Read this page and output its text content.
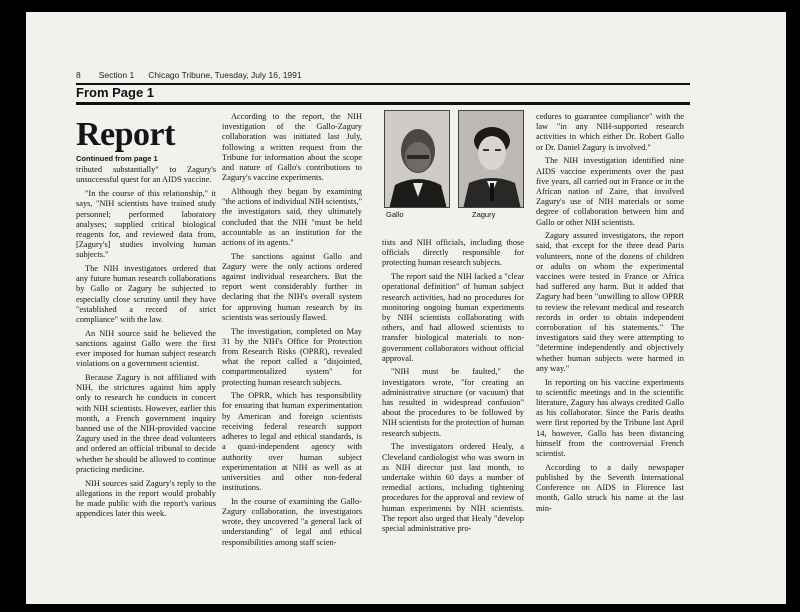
8 Section 1 Chicago Tribune, Tuesday, July 16, 1991
From Page 1
Report
Continued from page 1

tributed substantially" to Zagury's unsuccessful quest for an AIDS vaccine.

"In the course of this relationship," it says, "NIH scientists have trained study personnel; performed laboratory analyses; supplied critical biological reagents for, and reviewed data from, [Zagury's] studies involving human subjects."

The NIH investigators ordered that any future human research collaborations by Gallo or Zagury be subjected to especially close scrutiny until they have "established a record of strict compliance" with the law.

An NIH source said he believed the sanctions against Gallo were the first ever imposed for human subject research violations on a government scientist.

Because Zagury is not affiliated with NIH, the strictures against him apply only to research he conducts in concert with NIH scientists. However, earlier this month, a French government inquiry banned use of the NIH-provided vaccine Zagury used in the three dead volunteers and ordered an official tribunal to decide whether he should be allowed to continue practicing medicine.

NIH sources said Zagury's reply to the allegations in the report would probably be made public with the report's various appendices later this week.

According to the report, the NIH investigation of the Gallo-Zagury collaboration was initiated last July, following a written request from the Tribune for information about the scope and nature of Gallo's contributions to Zagury's vaccine experiments.

Although they began by examining "the actions of individual NIH scientists," the investigators said, they ultimately concluded that the NIH "must be held accountable as an institution for the actions of its agents."

The sanctions against Gallo and Zagury were the only actions ordered against individual researchers. But the report went considerably further in declaring that the NIH's overall system for approving human research by its scientists was seriously flawed.

The investigation, completed on May 31 by the NIH's Office for Protection from Research Risks (OPRR), revealed what the report called a "disjointed, compartmentalized system" for protecting human research subjects.

The OPRR, which has responsibility for ensuring that human experimentation by American and foreign scientists receiving federal research support adheres to legal and ethical standards, is a quasi-independent agency with authority over human subject experimentation at NIH as well as at universities and other non-federal institutions.

In the course of examining the Gallo-Zagury collaboration, the investigators wrote, they uncovered "a general lack of understanding" of legal and ethical responsibilities among staff scien-

Gallo	Zagury

tists and NIH officials, including those officials directly responsible for protecting human research subjects.

The report said the NIH lacked a "clear operational definition" of human subject research activities, had no procedures for monitoring ongoing human experiments by NIH scientists collaborating with others, and had allowed scientists to transfer biological materials to non-government collaborators without official approval.

"NIH must be faulted," the investigators wrote, "for creating an administrative structure (or vacuum) that has resulted in widespread confusion" about the procedures to be followed by NIH scientists for the protection of human research subjects.

The investigators ordered Healy, a Cleveland cardiologist who was sworn in as NIH director just last month, to undertake within 60 days a number of remedial actions, including tightening procedures for the approval and review of human experiments by NIH scientists. The report also urged that Healy "develop special administrative pro-

cedures to guarantee compliance" with the law "in any NIH-supported research activities in which either Dr. Robert Gallo or Dr. Daniel Zagury is involved."

The NIH investigation identified nine AIDS vaccine experiments over the past five years, all carried out in France or in the African nation of Zaire, that involved Zagury's use of NIH materials or some degree of collaboration between him and Gallo or other NIH scientists.

Zagury assured investigators, the report said, that except for the three dead Paris volunteers, none of the dozens of children or adults on whom the experimental vaccines were tested in France or Africa had suffered any harm. But it added that Zagury had been "unwilling to allow OPRR to review the relevant medical and research records in order to obtain independent corroboration of his statements." The investigators said they were attempting to "determine independently and objectively whether human subjects were harmed in any way."

In reporting on his vaccine experiments to scientific meetings and in the scientific literature, Zagury has always credited Gallo as his collaborator. Since the Paris deaths were first reported by the Tribune last April 14, however, Gallo has been distancing himself from the controversial French scientist.

According to a daily newspaper published by the Seventh International Conference on AIDS in Florence last month, Gallo struck his name at the last min-
